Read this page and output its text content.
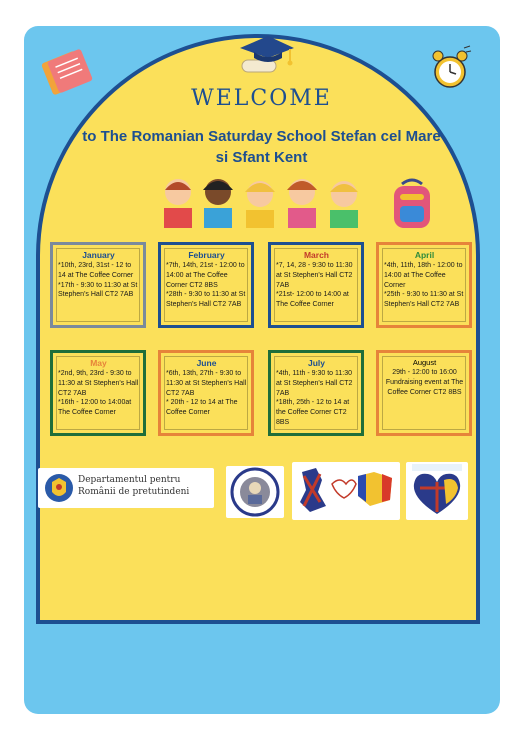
WELCOME
to The Romanian Saturday School Stefan cel Mare si Sfant Kent
January
*10th, 23rd, 31st - 12 to 14 at The Coffee Corner
*17th - 9:30 to 11:30 at St Stephen's Hall CT2 7AB
February
*7th, 14th, 21st - 12:00 to 14:00 at The Coffee Corner CT2 8BS
*28th - 9:30 to 11:30 at St Stephen's Hall CT2 7AB
March
*7, 14, 28 - 9:30 to 11:30 at St Stephen's Hall CT2 7AB
*21st- 12:00 to 14:00 at The Coffee Corner
April
*4th, 11th, 18th - 12:00 to 14:00 at The Coffee Corner
*25th - 9:30 to 11:30 at St Stephen's Hall CT2 7AB
May
*2nd, 9th, 23rd - 9:30 to 11:30 at St Stephen's Hall CT2 7AB
*16th - 12:00 to 14:00at The Coffee Corner
June
*6th, 13th, 27th - 9:30 to 11:30 at St Stephen's Hall CT2 7AB
* 20th - 12 to 14 at The Coffee Corner
July
*4th, 11th - 9:30 to 11:30 at St Stephen's Hall CT2 7AB
*18th, 25th - 12 to 14 at the Coffee Corner CT2 8BS
August
29th - 12:00 to 16:00 Fundraising event at The Coffee Corner CT2 8BS
Departamentul pentru
Românii de pretutindeni
